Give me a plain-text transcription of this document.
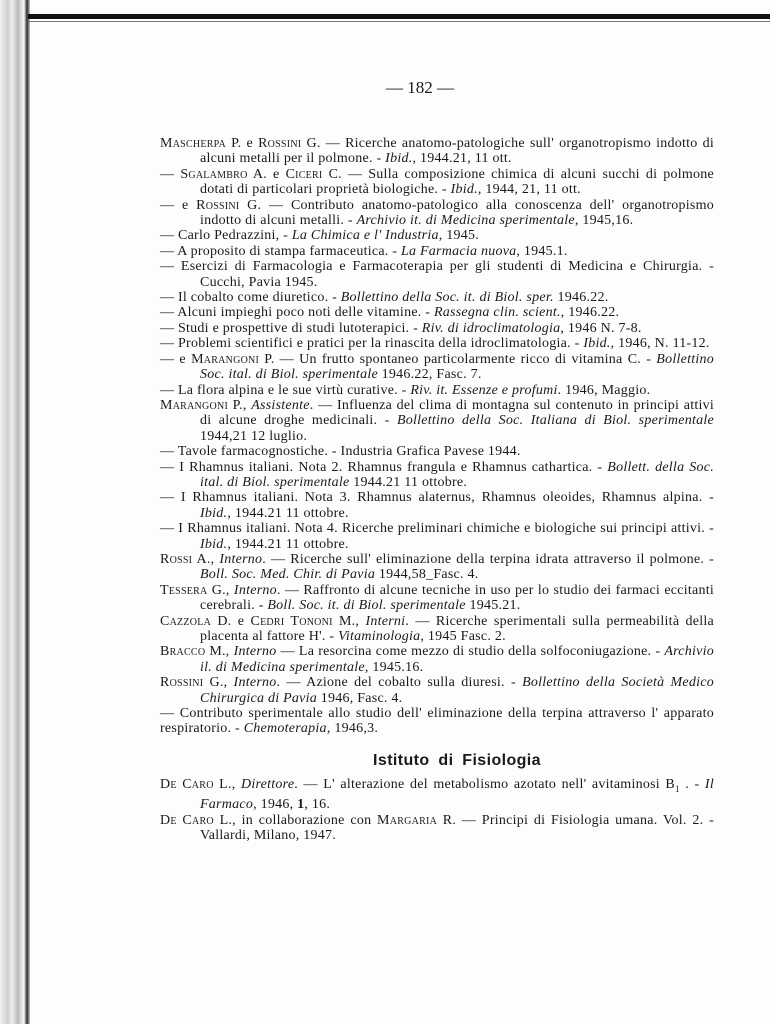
— 182 —
Mascherpa P. e Rossini G. — Ricerche anatomo-patologiche sull' organotropismo indotto di alcuni metalli per il polmone. - Ibid., 1944.21, 11 ott.
— Sgalambro A. e Ciceri C. — Sulla composizione chimica di alcuni succhi di polmone dotati di particolari proprietà biologiche. - Ibid., 1944, 21, 11 ott.
— e Rossini G. — Contributo anatomo-patologico alla conoscenza dell' organotropismo indotto di alcuni metalli. - Archivio it. di Medicina sperimentale, 1945,16.
— Carlo Pedrazzini, - La Chimica e l' Industria, 1945.
— A proposito di stampa farmaceutica. - La Farmacia nuova, 1945.1.
— Esercizi di Farmacologia e Farmacoterapia per gli studenti di Medicina e Chirurgia. - Cucchi, Pavia 1945.
— Il cobalto come diuretico. - Bollettino della Soc. it. di Biol. sper. 1946.22.
— Alcuni impieghi poco noti delle vitamine. - Rassegna clin. scient., 1946.22.
— Studi e prospettive di studi lutoterapici. - Riv. di idroclimatologia, 1946 N. 7-8.
— Problemi scientifici e pratici per la rinascita della idroclimatologia. - Ibid., 1946, N. 11-12.
— e Marangoni P. — Un frutto spontaneo particolarmente ricco di vitamina C. - Bollettino Soc. ital. di Biol. sperimentale 1946.22, Fasc. 7.
— La flora alpina e le sue virtù curative. - Riv. it. Essenze e profumi. 1946, Maggio.
Marangoni P., Assistente. — Influenza del clima di montagna sul contenuto in principi attivi di alcune droghe medicinali. - Bollettino della Soc. Italiana di Biol. sperimentale 1944,21 12 luglio.
— Tavole farmacognostiche. - Industria Grafica Pavese 1944.
— I Rhamnus italiani. Nota 2. Rhamnus frangula e Rhamnus cathartica. - Bollett. della Soc. ital. di Biol. sperimentale 1944.21 11 ottobre.
— I Rhamnus italiani. Nota 3. Rhamnus alaternus, Rhamnus oleoides, Rhamnus alpina. - Ibid., 1944.21 11 ottobre.
— I Rhamnus italiani. Nota 4. Ricerche preliminari chimiche e biologiche sui principi attivi. - Ibid., 1944.21 11 ottobre.
Rossi A., Interno. — Ricerche sull' eliminazione della terpina idrata attraverso il polmone. - Boll. Soc. Med. Chir. di Pavia 1944,58_Fasc. 4.
Tessera G., Interno. — Raffronto di alcune tecniche in uso per lo studio dei farmaci eccitanti cerebrali. - Boll. Soc. it. di Biol. sperimentale 1945.21.
Cazzola D. e Cedri Tononi M., Interni. — Ricerche sperimentali sulla permeabilità della placenta al fattore H'. - Vitaminologia, 1945 Fasc. 2.
Bracco M., Interno — La resorcina come mezzo di studio della solfoconiugazione. - Archivio il. di Medicina sperimentale, 1945.16.
Rossini G., Interno. — Azione del cobalto sulla diuresi. - Bollettino della Società Medico Chirurgica di Pavia 1946, Fasc. 4.
— Contributo sperimentale allo studio dell' eliminazione della terpina attraverso l' apparato respiratorio. - Chemoterapia, 1946,3.
Istituto di Fisiologia
De Caro L., Direttore. — L' alterazione del metabolismo azotato nell' avitaminosi $B_1$ . - Il Farmaco, 1946, 1, 16.
De Caro L., in collaborazione con Margaria R. — Principi di Fisiologia umana. Vol. 2. - Vallardi, Milano, 1947.
